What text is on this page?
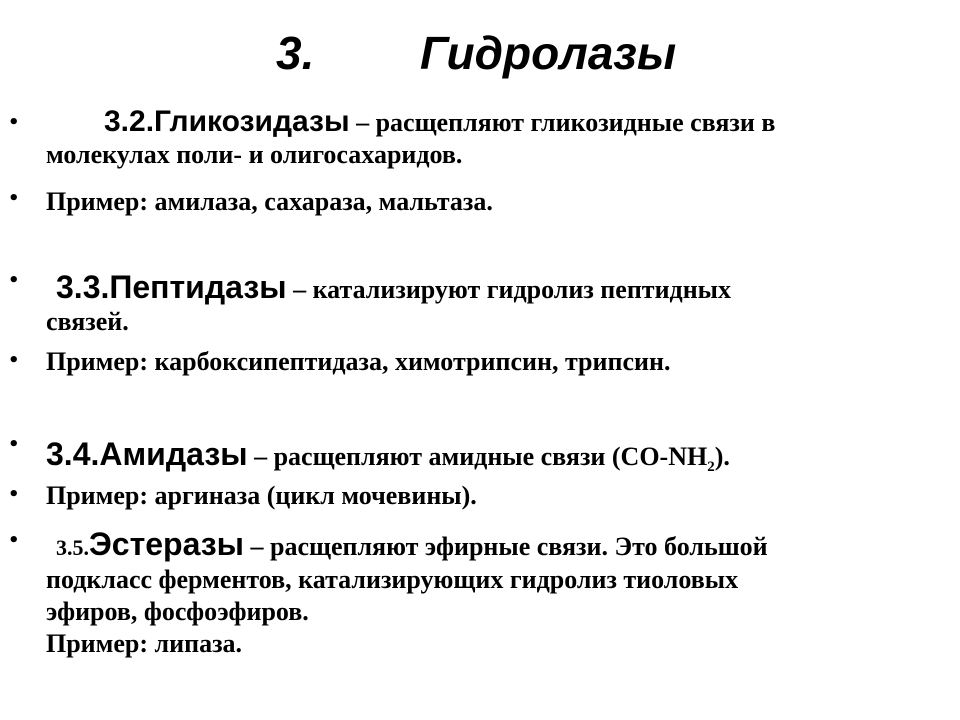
3. Гидролазы
•	3.2.Гликозидазы – расщепляют гликозидные связи в
молекулах поли- и олигосахаридов.
• Пример: амилаза, сахараза, мальтаза.
•	3.3.Пептидазы – катализируют гидролиз пептидных
связей.
• Пример: карбоксипептидаза, химотрипсин, трипсин.
• 3.4.Амидазы – расщепляют амидные связи $(CO-NH_2)$.
• Пример: аргиназа (цикл мочевины).
•	3.5.Эстеразы – расщепляют эфирные связи. Это большой
подкласс ферментов, катализирующих гидролиз тиоловых
эфиров, фосфоэфиров.
Пример: липаза.
